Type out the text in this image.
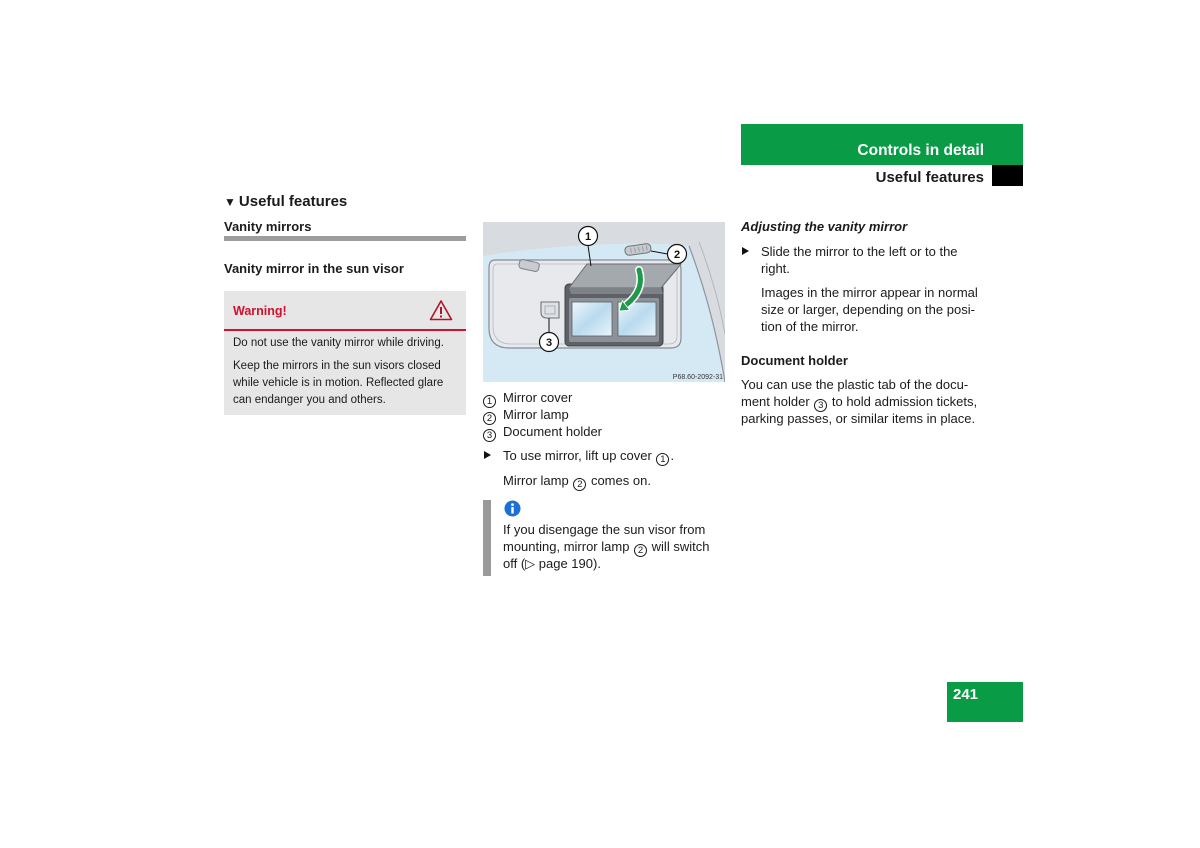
Controls in detail
Useful features
▼ Useful features
Vanity mirrors
Vanity mirror in the sun visor
Warning!
Do not use the vanity mirror while driving.
Keep the mirrors in the sun visors closed
while vehicle is in motion. Reflected glare
can endanger you and others.
1
2
3
P68.60-2092-31
1 Mirror cover
2 Mirror lamp
3 Document holder
To use mirror, lift up cover 1 .
Mirror lamp 2 comes on.
If you disengage the sun visor from
mounting, mirror lamp 2 will switch
off (▷ page 190).
Adjusting the vanity mirror
Slide the mirror to the left or to the
right.
Images in the mirror appear in normal
size or larger, depending on the posi-
tion of the mirror.
Document holder
You can use the plastic tab of the docu-
ment holder 3 to hold admission tickets,
parking passes, or similar items in place.
241
